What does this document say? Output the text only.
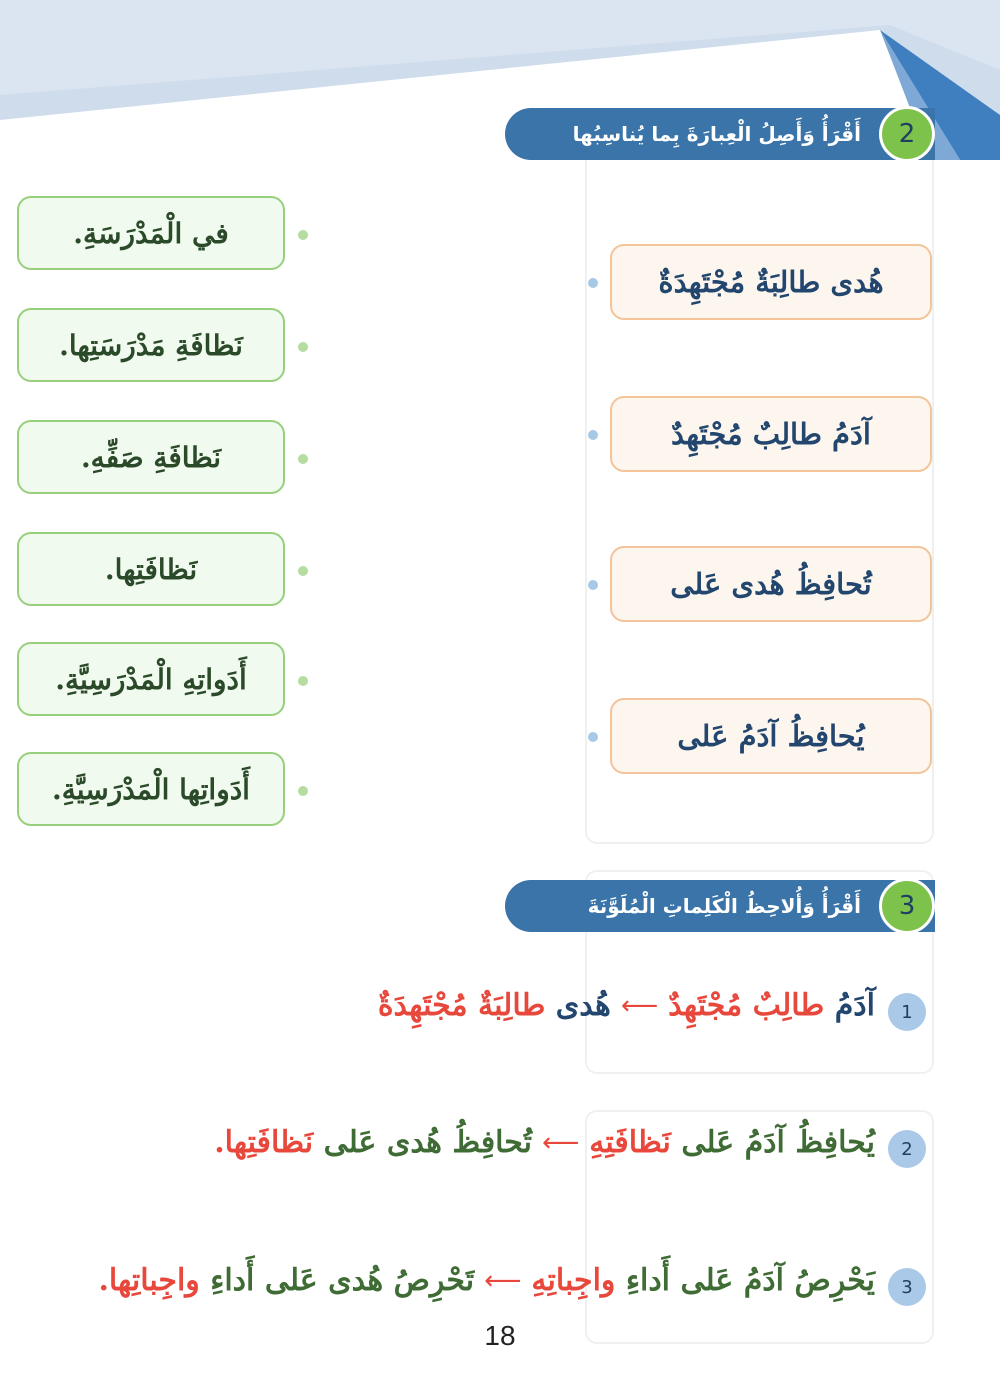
2
أَقْرَأُ وَأَصِلُ الْعِبارَةَ بِما يُناسِبُها
هُدى طالِبَةٌ مُجْتَهِدَةٌ
آدَمُ طالِبٌ مُجْتَهِدٌ
تُحافِظُ هُدى عَلى
يُحافِظُ آدَمُ عَلى
في الْمَدْرَسَةِ.
نَظافَةِ مَدْرَسَتِها.
نَظافَةِ صَفِّهِ.
نَظافَتِها.
أَدَواتِهِ الْمَدْرَسِيَّةِ.
أَدَواتِها الْمَدْرَسِيَّةِ.
3
أَقْرَأُ وَأُلاحِظُ الْكَلِماتِ الْمُلَوَّنَةَ
1
آدَمُ طالِبٌ مُجْتَهِدٌ
⟵
هُدى طالِبَةٌ مُجْتَهِدَةٌ
2
يُحافِظُ آدَمُ عَلى نَظافَتِهِ
⟵
تُحافِظُ هُدى عَلى نَظافَتِها.
3
يَحْرِصُ آدَمُ عَلى أَداءِ واجِباتِهِ
⟵
تَحْرِصُ هُدى عَلى أَداءِ واجِباتِها.
18
